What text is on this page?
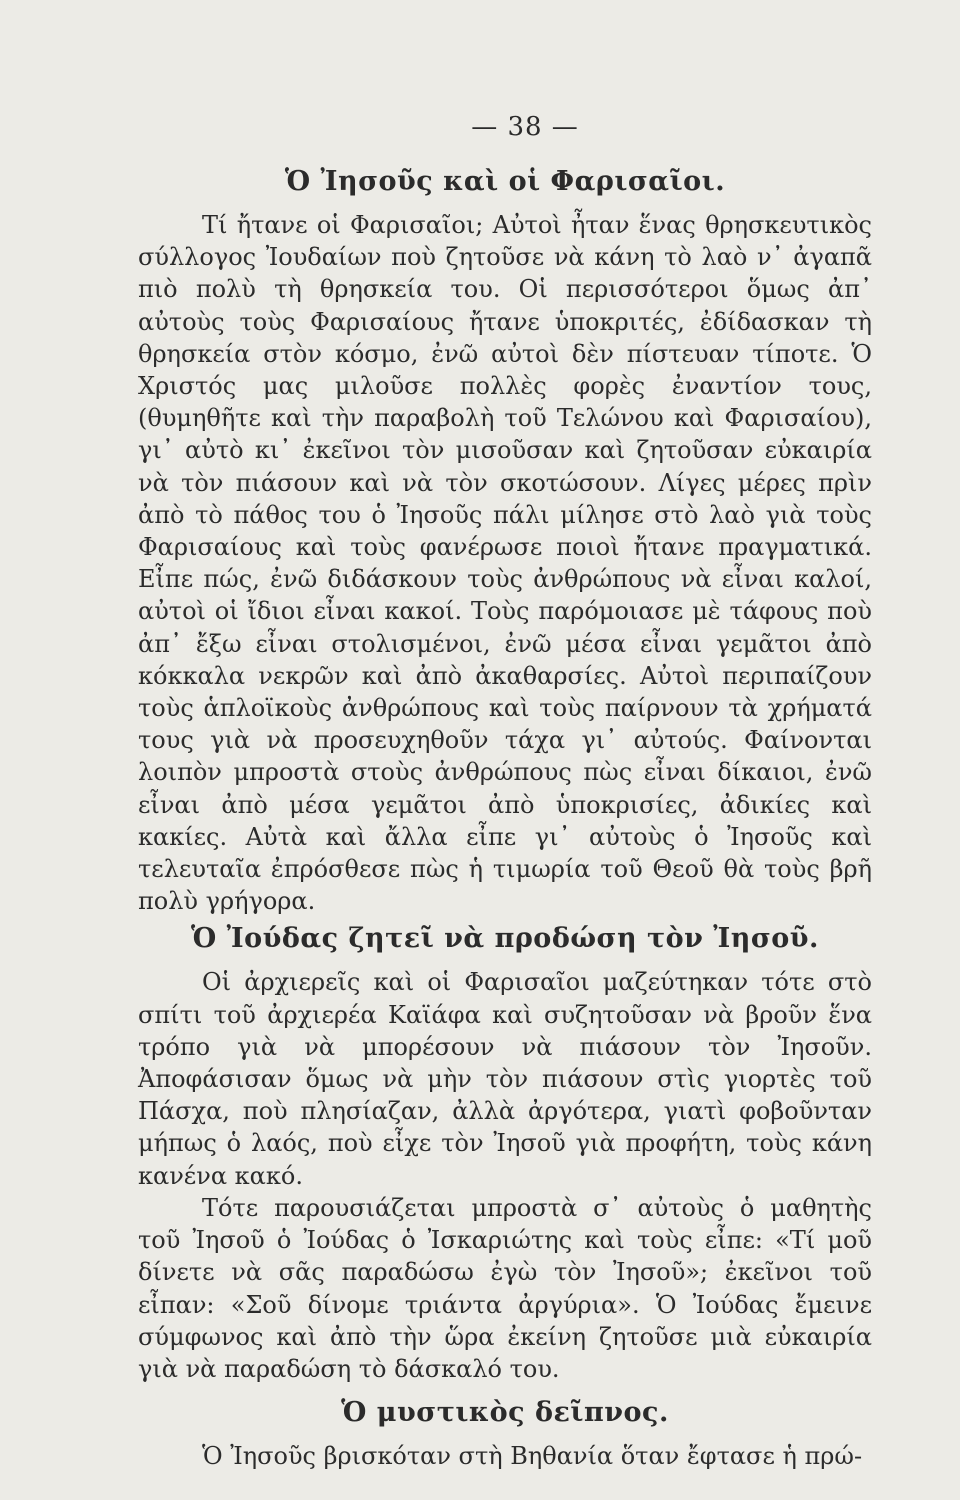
— 38 —
Ὁ Ἰησοῦς καὶ οἱ Φαρισαῖοι.

Τί ἤτανε οἱ Φαρισαῖοι; Αὐτοὶ ἦταν ἕνας θρησκευτικὸς σύλλογος Ἰουδαίων ποὺ ζητοῦσε νὰ κάνη τὸ λαὸ ν᾽ ἀγαπᾶ πιὸ πολὺ τὴ θρησκεία του. Οἱ περισσότεροι ὅμως ἀπ᾽ αὐτοὺς τοὺς Φαρισαίους ἤτανε ὑποκριτές, ἐδίδασκαν τὴ θρησκεία στὸν κόσμο, ἐνῶ αὐτοὶ δὲν πίστευαν τίποτε. Ὁ Χριστός μας μιλοῦσε πολλὲς φορὲς ἐναντίον τους, (θυμηθῆτε καὶ τὴν παραβολὴ τοῦ Τελώνου καὶ Φαρισαίου), γι᾽ αὐτὸ κι᾽ ἐκεῖνοι τὸν μισοῦσαν καὶ ζητοῦσαν εὐκαιρία νὰ τὸν πιάσουν καὶ νὰ τὸν σκοτώσουν. Λίγες μέρες πρὶν ἀπὸ τὸ πάθος του ὁ Ἰησοῦς πάλι μίλησε στὸ λαὸ γιὰ τοὺς Φαρισαίους καὶ τοὺς φανέρωσε ποιοὶ ἤτανε πραγματικά. Εἶπε πώς, ἐνῶ διδάσκουν τοὺς ἀνθρώπους νὰ εἶναι καλοί, αὐτοὶ οἱ ἴδιοι εἶναι κακοί. Τοὺς παρόμοιασε μὲ τάφους ποὺ ἀπ᾽ ἔξω εἶναι στολισμένοι, ἐνῶ μέσα εἶναι γεμᾶτοι ἀπὸ κόκκαλα νεκρῶν καὶ ἀπὸ ἀκαθαρσίες. Αὐτοὶ περιπαίζουν τοὺς ἁπλοϊκοὺς ἀνθρώπους καὶ τοὺς παίρνουν τὰ χρήματά τους γιὰ νὰ προσευχηθοῦν τάχα γι᾽ αὐτούς. Φαίνονται λοιπὸν μπροστὰ στοὺς ἀνθρώπους πὼς εἶναι δίκαιοι, ἐνῶ εἶναι ἀπὸ μέσα γεμᾶτοι ἀπὸ ὑποκρισίες, ἀδικίες καὶ κακίες. Αὐτὰ καὶ ἄλλα εἶπε γι᾽ αὐτοὺς ὁ Ἰησοῦς καὶ τελευταῖα ἐπρόσθεσε πὼς ἡ τιμωρία τοῦ Θεοῦ θὰ τοὺς βρῆ πολὺ γρήγορα.

Ὁ Ἰούδας ζητεῖ νὰ προδώση τὸν Ἰησοῦ.

Οἱ ἀρχιερεῖς καὶ οἱ Φαρισαῖοι μαζεύτηκαν τότε στὸ σπίτι τοῦ ἀρχιερέα Καϊάφα καὶ συζητοῦσαν νὰ βροῦν ἕνα τρόπο γιὰ νὰ μπορέσουν νὰ πιάσουν τὸν Ἰησοῦν. Ἀποφάσισαν ὅμως νὰ μὴν τὸν πιάσουν στὶς γιορτὲς τοῦ Πάσχα, ποὺ πλησίαζαν, ἀλλὰ ἀργότερα, γιατὶ φοβοῦνταν μήπως ὁ λαός, ποὺ εἶχε τὸν Ἰησοῦ γιὰ προφήτη, τοὺς κάνη κανένα κακό.

Τότε παρουσιάζεται μπροστὰ σ᾽ αὐτοὺς ὁ μαθητὴς τοῦ Ἰησοῦ ὁ Ἰούδας ὁ Ἰσκαριώτης καὶ τοὺς εἶπε: «Τί μοῦ δίνετε νὰ σᾶς παραδώσω ἐγὼ τὸν Ἰησοῦ»; ἐκεῖνοι τοῦ εἶπαν: «Σοῦ δίνομε τριάντα ἀργύρια». Ὁ Ἰούδας ἔμεινε σύμφωνος καὶ ἀπὸ τὴν ὥρα ἐκείνη ζητοῦσε μιὰ εὐκαιρία γιὰ νὰ παραδώση τὸ δάσκαλό του.

Ὁ μυστικὸς δεῖπνος.

Ὁ Ἰησοῦς βρισκόταν στὴ Βηθανία ὅταν ἔφτασε ἡ πρώ-
